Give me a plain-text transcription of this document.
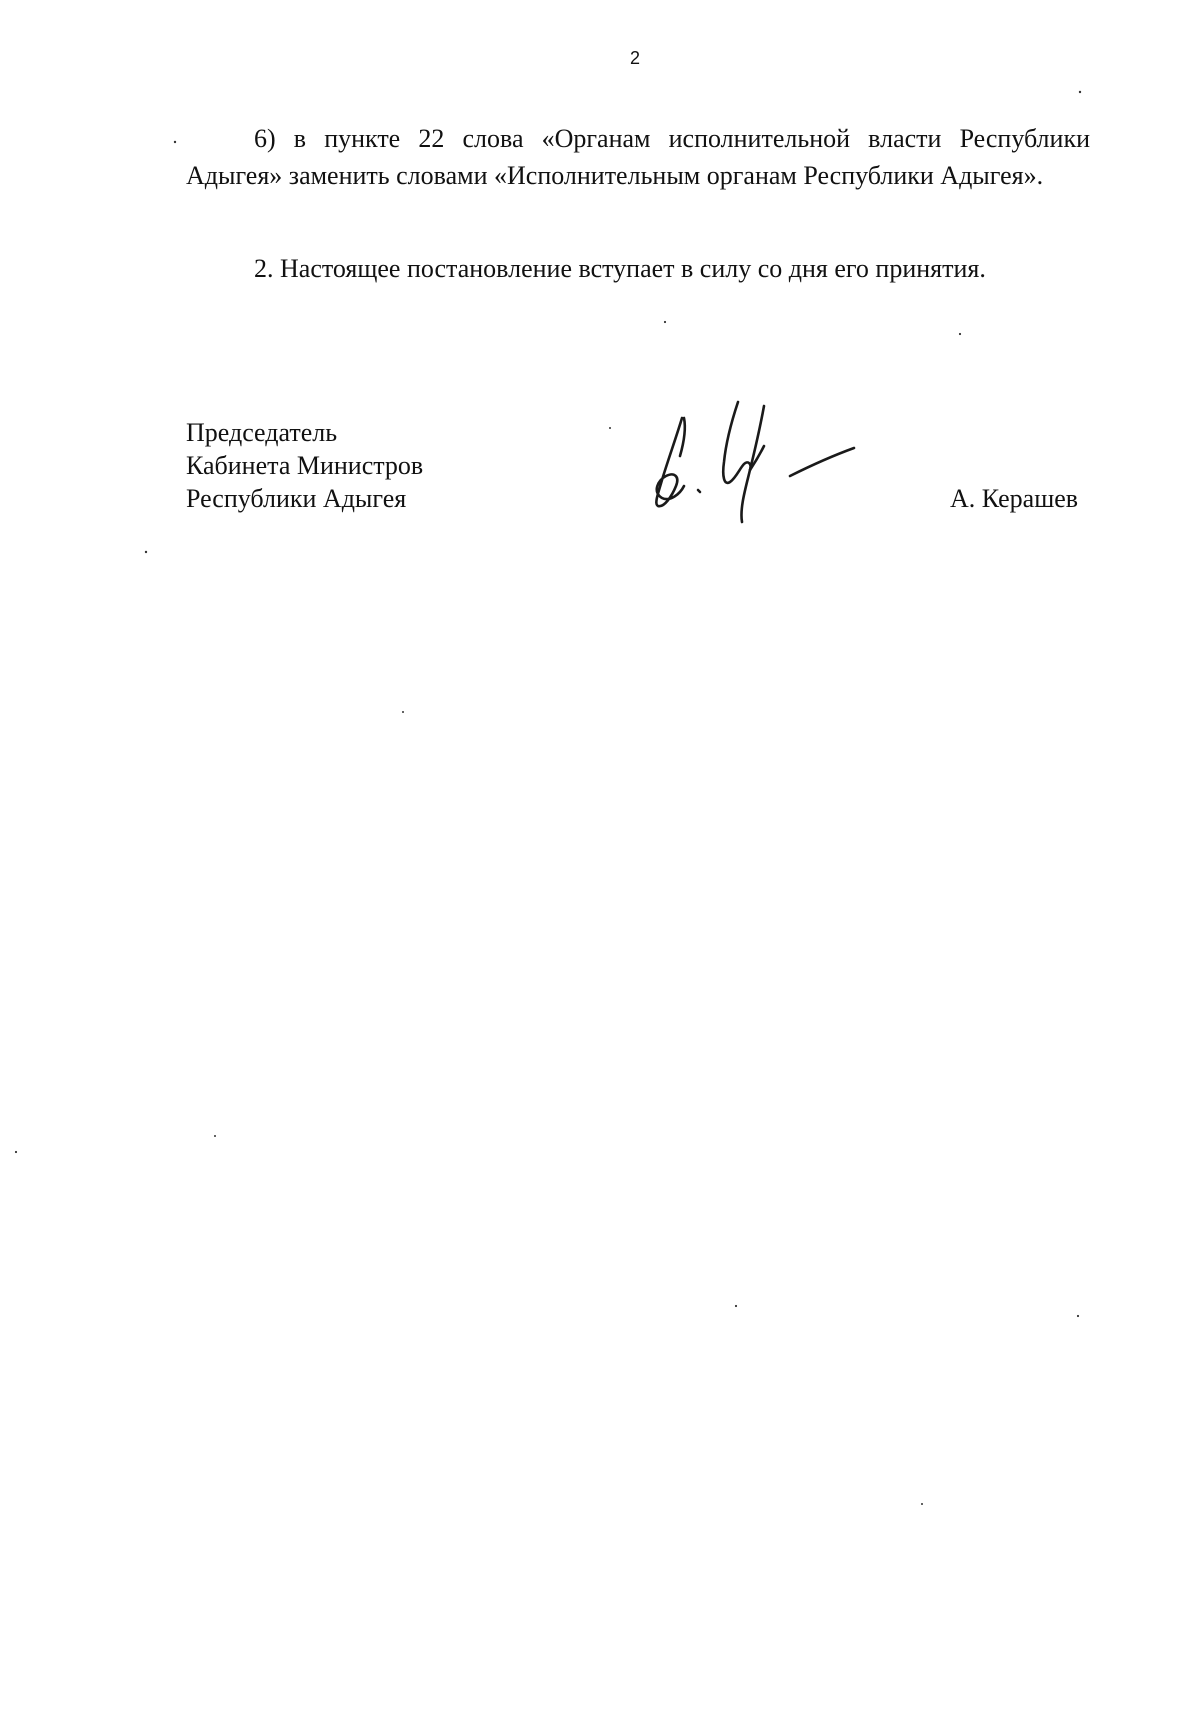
2
6) в пункте 22 слова «Органам исполнительной власти Республики Адыгея» заменить словами «Исполнительным органам Республики Адыгея».
2. Настоящее постановление вступает в силу со дня его принятия.
Председатель
Кабинета Министров
Республики Адыгея	А. Керашев
